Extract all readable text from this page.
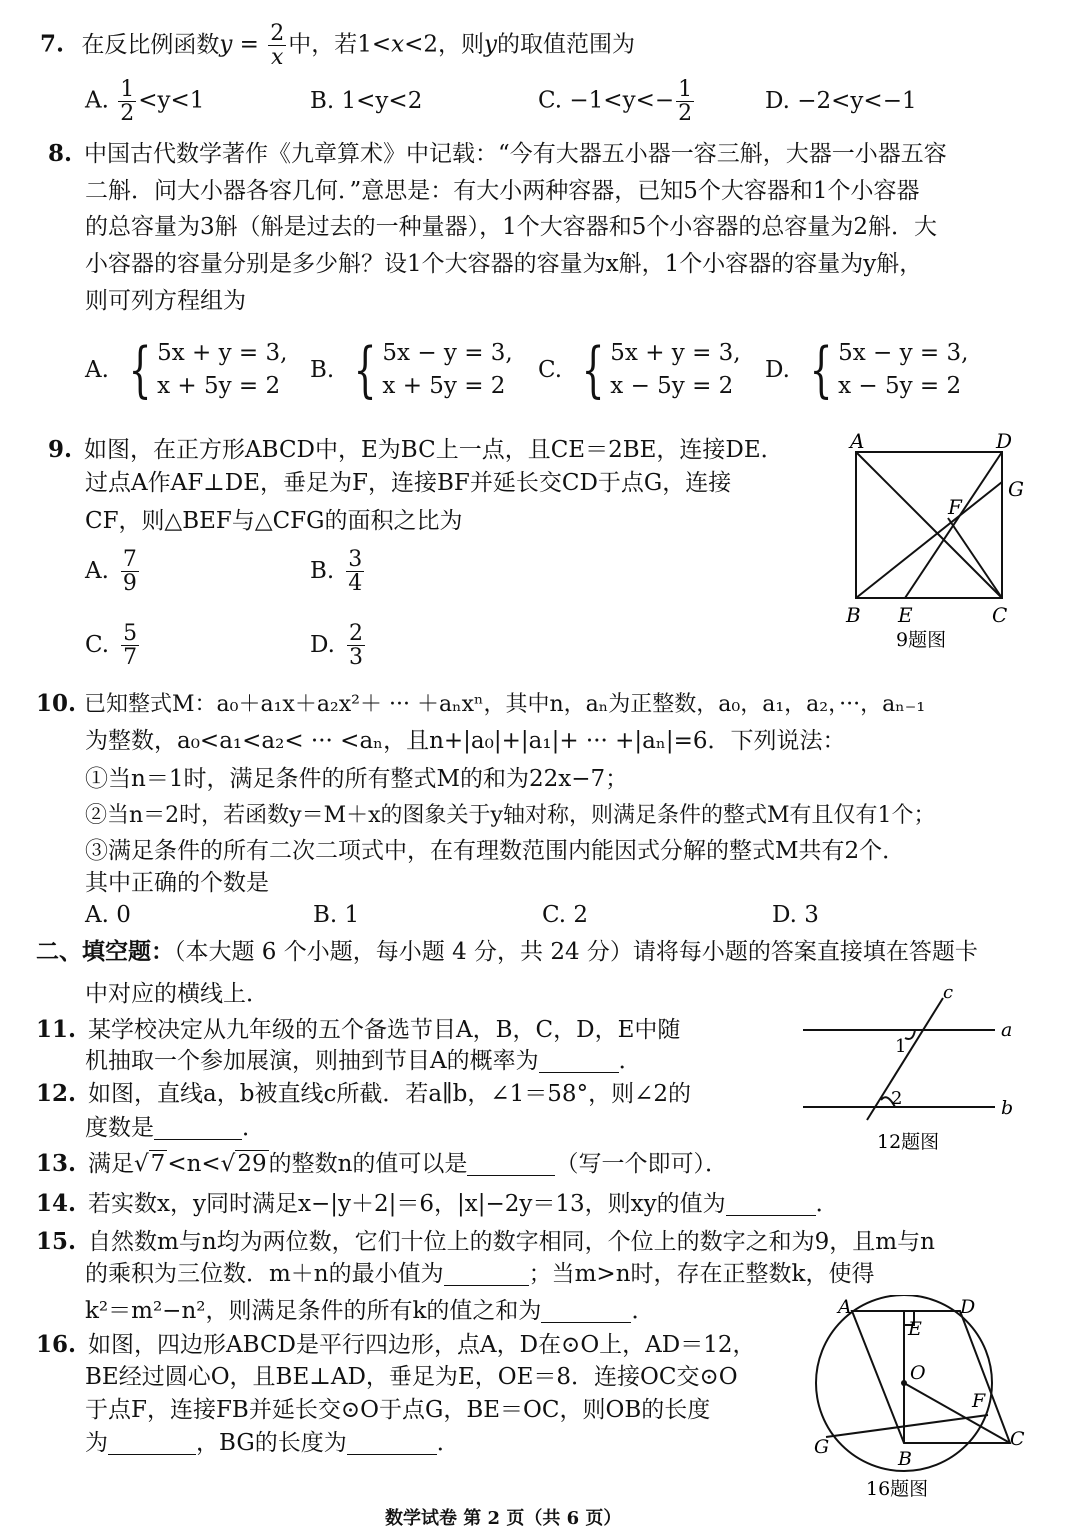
7. 在反比例函数$y = \frac{2}{x}$ 中，若1<x<2，则y的取值范围为
A. $\frac{1}{2} <y<1$	B. 1<y<2	C. $-1<y<- \frac{1}{2}$	D. −2<y<−1
8. 中国古代数学著作《九章算术》中记载：“今有大器五小器一容三斛，大器一小器五容
二斛．问大小器各容几何．”意思是：有大小两种容器，已知5个大容器和1个小容器
的总容量为3斛（斛是过去的一种量器），1个大容器和5个小容器的总容量为2斛．大
小容器的容量分别是多少斛？设1个大容器的容量为x斛，1个小容器的容量为y斛，
则可列方程组为
A. { 5x + y = 3,
x + 5y = 2
B. { 5x − y = 3,
x + 5y = 2
C. { 5x + y = 3,
x − 5y = 2
D. { 5x − y = 3,
x − 5y = 2
9. 如图，在正方形ABCD中，E为BC上一点，且CE＝2BE，连接DE．
过点A作AF⊥DE，垂足为F，连接BF并延长交CD于点G，连接
CF，则△BEF与△CFG的面积之比为
A. $\frac{7}{9}$	B. $\frac{3}{4}$
C. $\frac{5}{7}$	D. $\frac{2}{3}$
A	D
G
F
B E	C
9题图
10. 已知整式M：a₀＋a₁x＋a₂x²＋ ··· ＋aₙxⁿ，其中n，aₙ为正整数，a₀，a₁，a₂，···，aₙ₋₁
为整数，a₀<a₁<a₂< ··· <aₙ，且n+|a₀|+|a₁|+ ··· +|aₙ|=6．下列说法：
①当n＝1时，满足条件的所有整式M的和为22x−7；
②当n＝2时，若函数y＝M＋x的图象关于y轴对称，则满足条件的整式M有且仅有1个；
③满足条件的所有二次二项式中，在有理数范围内能因式分解的整式M共有2个．
其中正确的个数是
A. 0	B. 1	C. 2	D. 3
二、填空题：（本大题 6 个小题，每小题 4 分，共 24 分）请将每小题的答案直接填在答题卡
中对应的横线上．
11. 某学校决定从九年级的五个备选节目A，B，C，D，E中随
机抽取一个参加展演，则抽到节目A的概率为	．
12. 如图，直线a，b被直线c所截．若a∥b，∠1＝58°，则∠2的
度数是	．
c
a
b
1
2
12题图
13. 满足√7<n<√29的整数n的值可以是	（写一个即可）．
14. 若实数x，y同时满足x−|y＋2|＝6，|x|−2y＝13，则xy的值为	．
15. 自然数m与n均为两位数，它们十位上的数字相同，个位上的数字之和为9，且m与n
的乘积为三位数．m＋n的最小值为	；当m>n时，存在正整数k，使得
k²＝m²−n²，则满足条件的所有k的值之和为	．
16. 如图，四边形ABCD是平行四边形，点A，D在⊙O上，AD＝12，
BE经过圆心O，且BE⊥AD，垂足为E，OE＝8．连接OC交⊙O
于点F，连接FB并延长交⊙O于点G，BE＝OC，则OB的长度
为	，BG的长度为	．
A	D
E
O
F
G
B
C
16题图
数学试卷 第 2 页（共 6 页）
